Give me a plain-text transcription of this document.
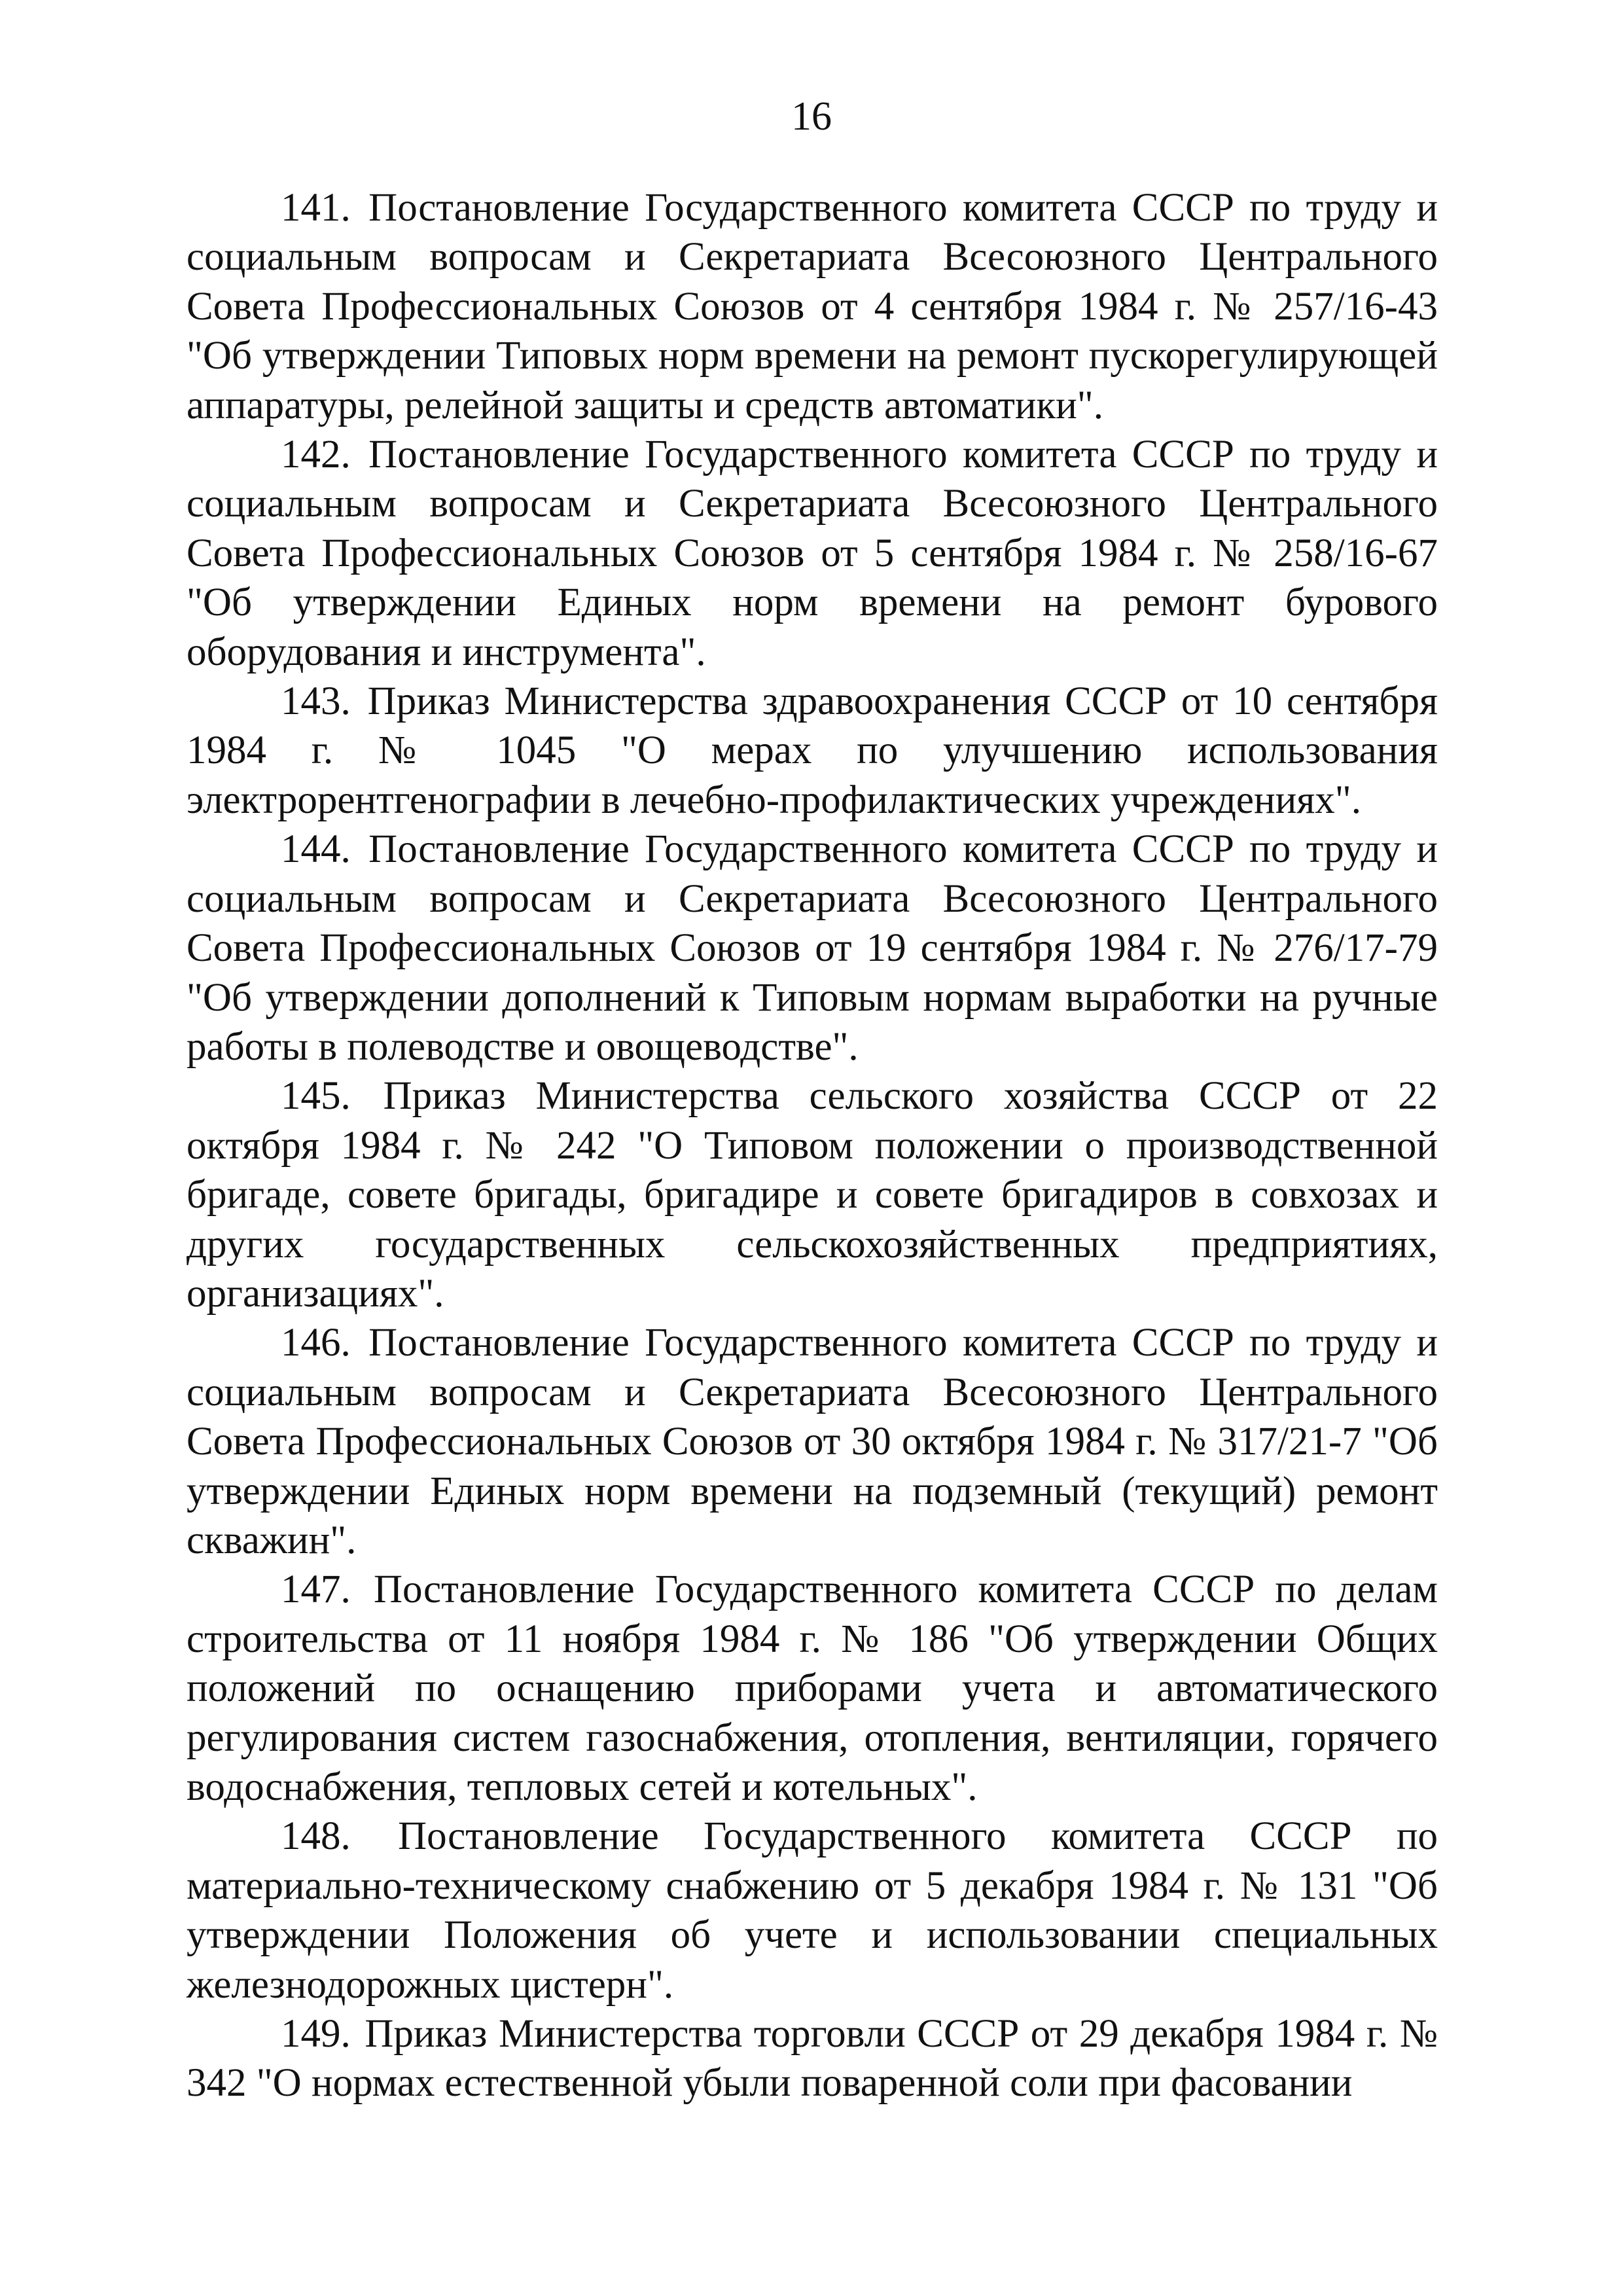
16

141. Постановление Государственного комитета СССР по труду и социальным вопросам и Секретариата Всесоюзного Центрального Совета Профессиональных Союзов от 4 сентября 1984 г. № 257/16-43 "Об утверждении Типовых норм времени на ремонт пускорегулирующей аппаратуры, релейной защиты и средств автоматики".

142. Постановление Государственного комитета СССР по труду и социальным вопросам и Секретариата Всесоюзного Центрального Совета Профессиональных Союзов от 5 сентября 1984 г. № 258/16-67 "Об утверждении Единых норм времени на ремонт бурового оборудования и инструмента".

143. Приказ Министерства здравоохранения СССР от 10 сентября 1984 г. № 1045 "О мерах по улучшению использования электрорентгенографии в лечебно-профилактических учреждениях".

144. Постановление Государственного комитета СССР по труду и социальным вопросам и Секретариата Всесоюзного Центрального Совета Профессиональных Союзов от 19 сентября 1984 г. № 276/17-79 "Об утверждении дополнений к Типовым нормам выработки на ручные работы в полеводстве и овощеводстве".

145. Приказ Министерства сельского хозяйства СССР от 22 октября 1984 г. № 242 "О Типовом положении о производственной бригаде, совете бригады, бригадире и совете бригадиров в совхозах и других государственных сельскохозяйственных предприятиях, организациях".

146. Постановление Государственного комитета СССР по труду и социальным вопросам и Секретариата Всесоюзного Центрального Совета Профессиональных Союзов от 30 октября 1984 г. № 317/21-7 "Об утверждении Единых норм времени на подземный (текущий) ремонт скважин".

147. Постановление Государственного комитета СССР по делам строительства от 11 ноября 1984 г. № 186 "Об утверждении Общих положений по оснащению приборами учета и автоматического регулирования систем газоснабжения, отопления, вентиляции, горячего водоснабжения, тепловых сетей и котельных".

148. Постановление Государственного комитета СССР по материально-техническому снабжению от 5 декабря 1984 г. № 131 "Об утверждении Положения об учете и использовании специальных железнодорожных цистерн".

149. Приказ Министерства торговли СССР от 29 декабря 1984 г. № 342 "О нормах естественной убыли поваренной соли при фасовании
